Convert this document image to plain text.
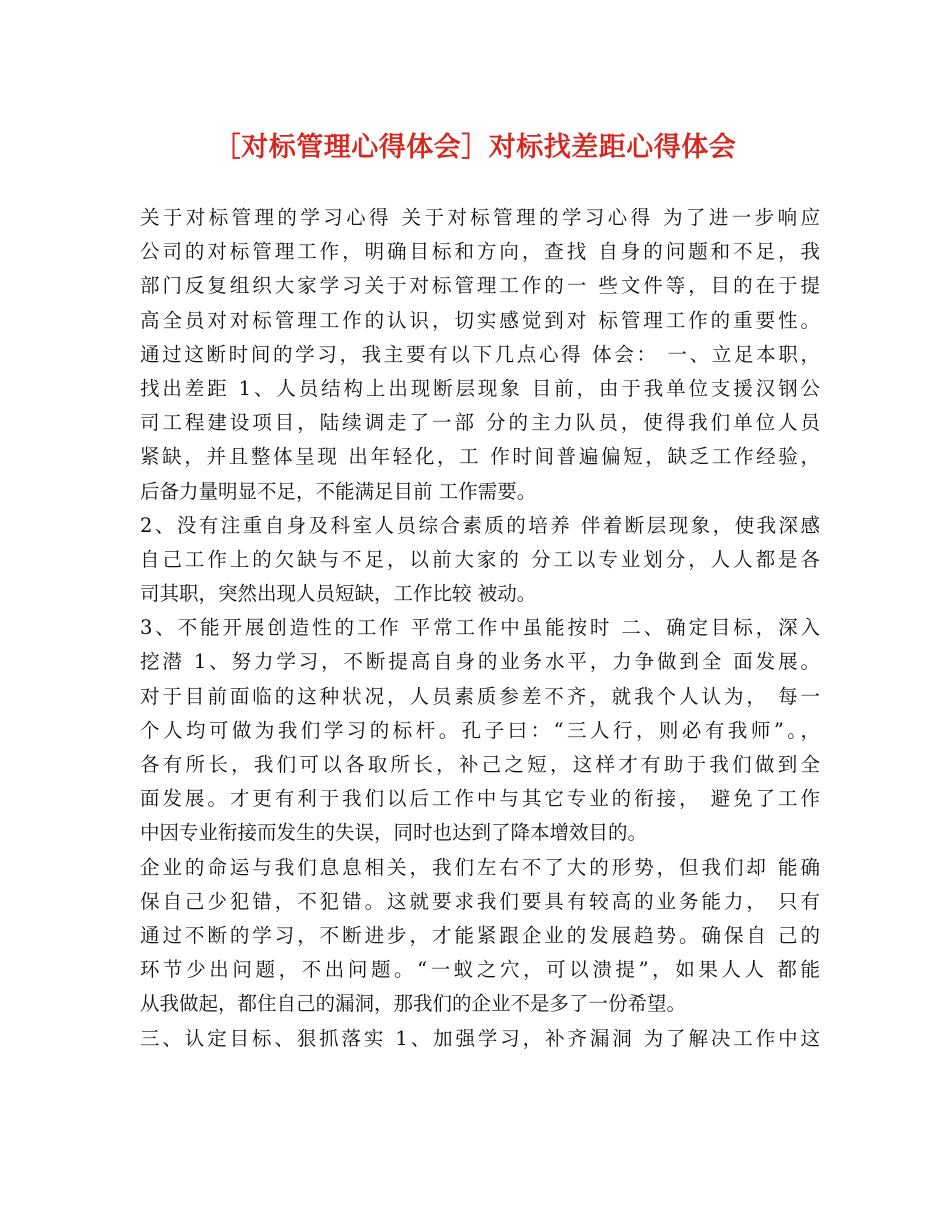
［对标管理心得体会］对标找差距心得体会
关于对标管理的学习心得 关于对标管理的学习心得 为了进一步响应
公司的对标管理工作，明确目标和方向，查找 自身的问题和不足，我
部门反复组织大家学习关于对标管理工作的一 些文件等，目的在于提
高全员对对标管理工作的认识，切实感觉到对 标管理工作的重要性。
通过这断时间的学习，我主要有以下几点心得 体会： 一、立足本职，
找出差距 1、人员结构上出现断层现象 目前，由于我单位支援汉钢公
司工程建设项目，陆续调走了一部 分的主力队员，使得我们单位人员
紧缺，并且整体呈现 出年轻化，工 作时间普遍偏短，缺乏工作经验，
后备力量明显不足，不能满足目前 工作需要。
2、没有注重自身及科室人员综合素质的培养 伴着断层现象，使我深感
自己工作上的欠缺与不足，以前大家的 分工以专业划分，人人都是各
司其职，突然出现人员短缺，工作比较 被动。
3、不能开展创造性的工作 平常工作中虽能按时 二、确定目标，深入
挖潜 1、努力学习，不断提高自身的业务水平，力争做到全 面发展。
对于目前面临的这种状况，人员素质参差不齐，就我个人认为， 每一
个人均可做为我们学习的标杆。孔子曰：“三人行，则必有我师”。，
各有所长，我们可以各取所长，补己之短，这样才有助于我们做到全
面发展。才更有利于我们以后工作中与其它专业的衔接， 避免了工作
中因专业衔接而发生的失误，同时也达到了降本增效目的。
企业的命运与我们息息相关，我们左右不了大的形势，但我们却 能确
保自己少犯错，不犯错。这就要求我们要具有较高的业务能力， 只有
通过不断的学习，不断进步，才能紧跟企业的发展趋势。确保自 己的
环节少出问题，不出问题。“一蚁之穴，可以溃提”，如果人人 都能
从我做起，都住自己的漏洞，那我们的企业不是多了一份希望。
三、认定目标、狠抓落实 1、加强学习，补齐漏洞 为了解决工作中这
